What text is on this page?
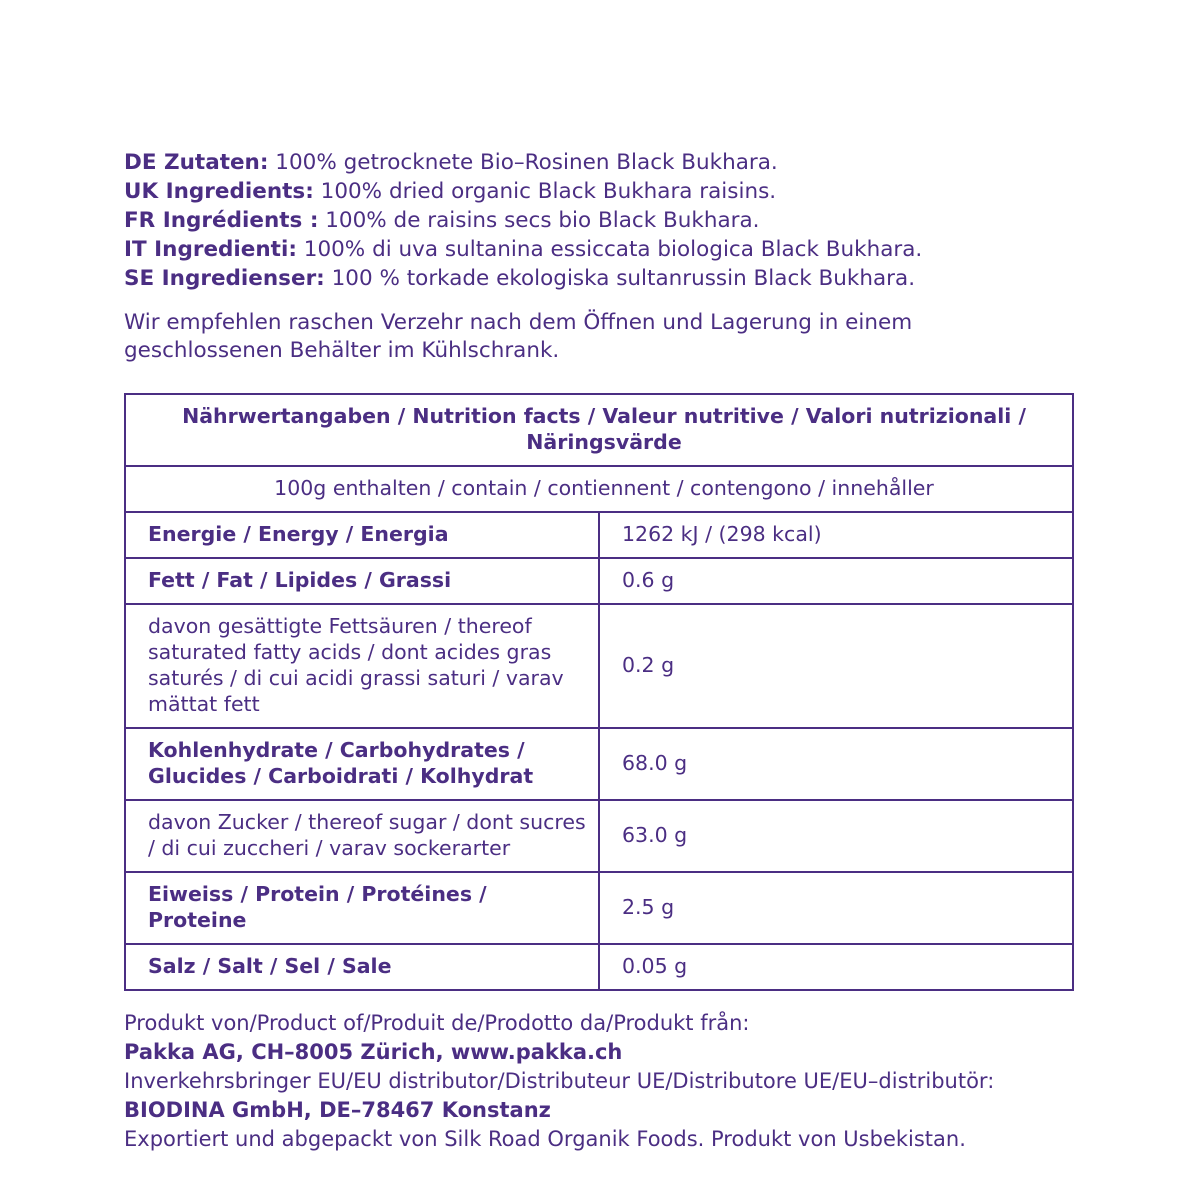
DE Zutaten: 100% getrocknete Bio–Rosinen Black Bukhara.
UK Ingredients: 100% dried organic Black Bukhara raisins.
FR Ingrédients : 100% de raisins secs bio Black Bukhara.
IT Ingredienti: 100% di uva sultanina essiccata biologica Black Bukhara.
SE Ingredienser: 100 % torkade ekologiska sultanrussin Black Bukhara.
Wir empfehlen raschen Verzehr nach dem Öffnen und Lagerung in einem geschlossenen Behälter im Kühlschrank.
Nährwertangaben / Nutrition facts / Valeur nutritive / Valori nutrizionali / Näringsvärde	
100g enthalten / contain / contiennent / contengono / innehåller	
Energie / Energy / Energia	1262 kJ / (298 kcal)
Fett / Fat / Lipides / Grassi	0.6 g
davon gesättigte Fettsäuren / thereof saturated fatty acids / dont acides gras saturés / di cui acidi grassi saturi / varav mättat fett	0.2 g
Kohlenhydrate / Carbohydrates / Glucides / Carboidrati / Kolhydrat	68.0 g
davon Zucker / thereof sugar / dont sucres / di cui zuccheri / varav sockerarter	63.0 g
Eiweiss / Protein / Protéines / Proteine	2.5 g
Salz / Salt / Sel / Sale	0.05 g
Produkt von/Product of/Produit de/Prodotto da/Produkt från:
Pakka AG, CH–8005 Zürich, www.pakka.ch
Inverkehrsbringer EU/EU distributor/Distributeur UE/Distributore UE/EU–distributör:
BIODINA GmbH, DE–78467 Konstanz
Exportiert und abgepackt von Silk Road Organik Foods. Produkt von Usbekistan.
